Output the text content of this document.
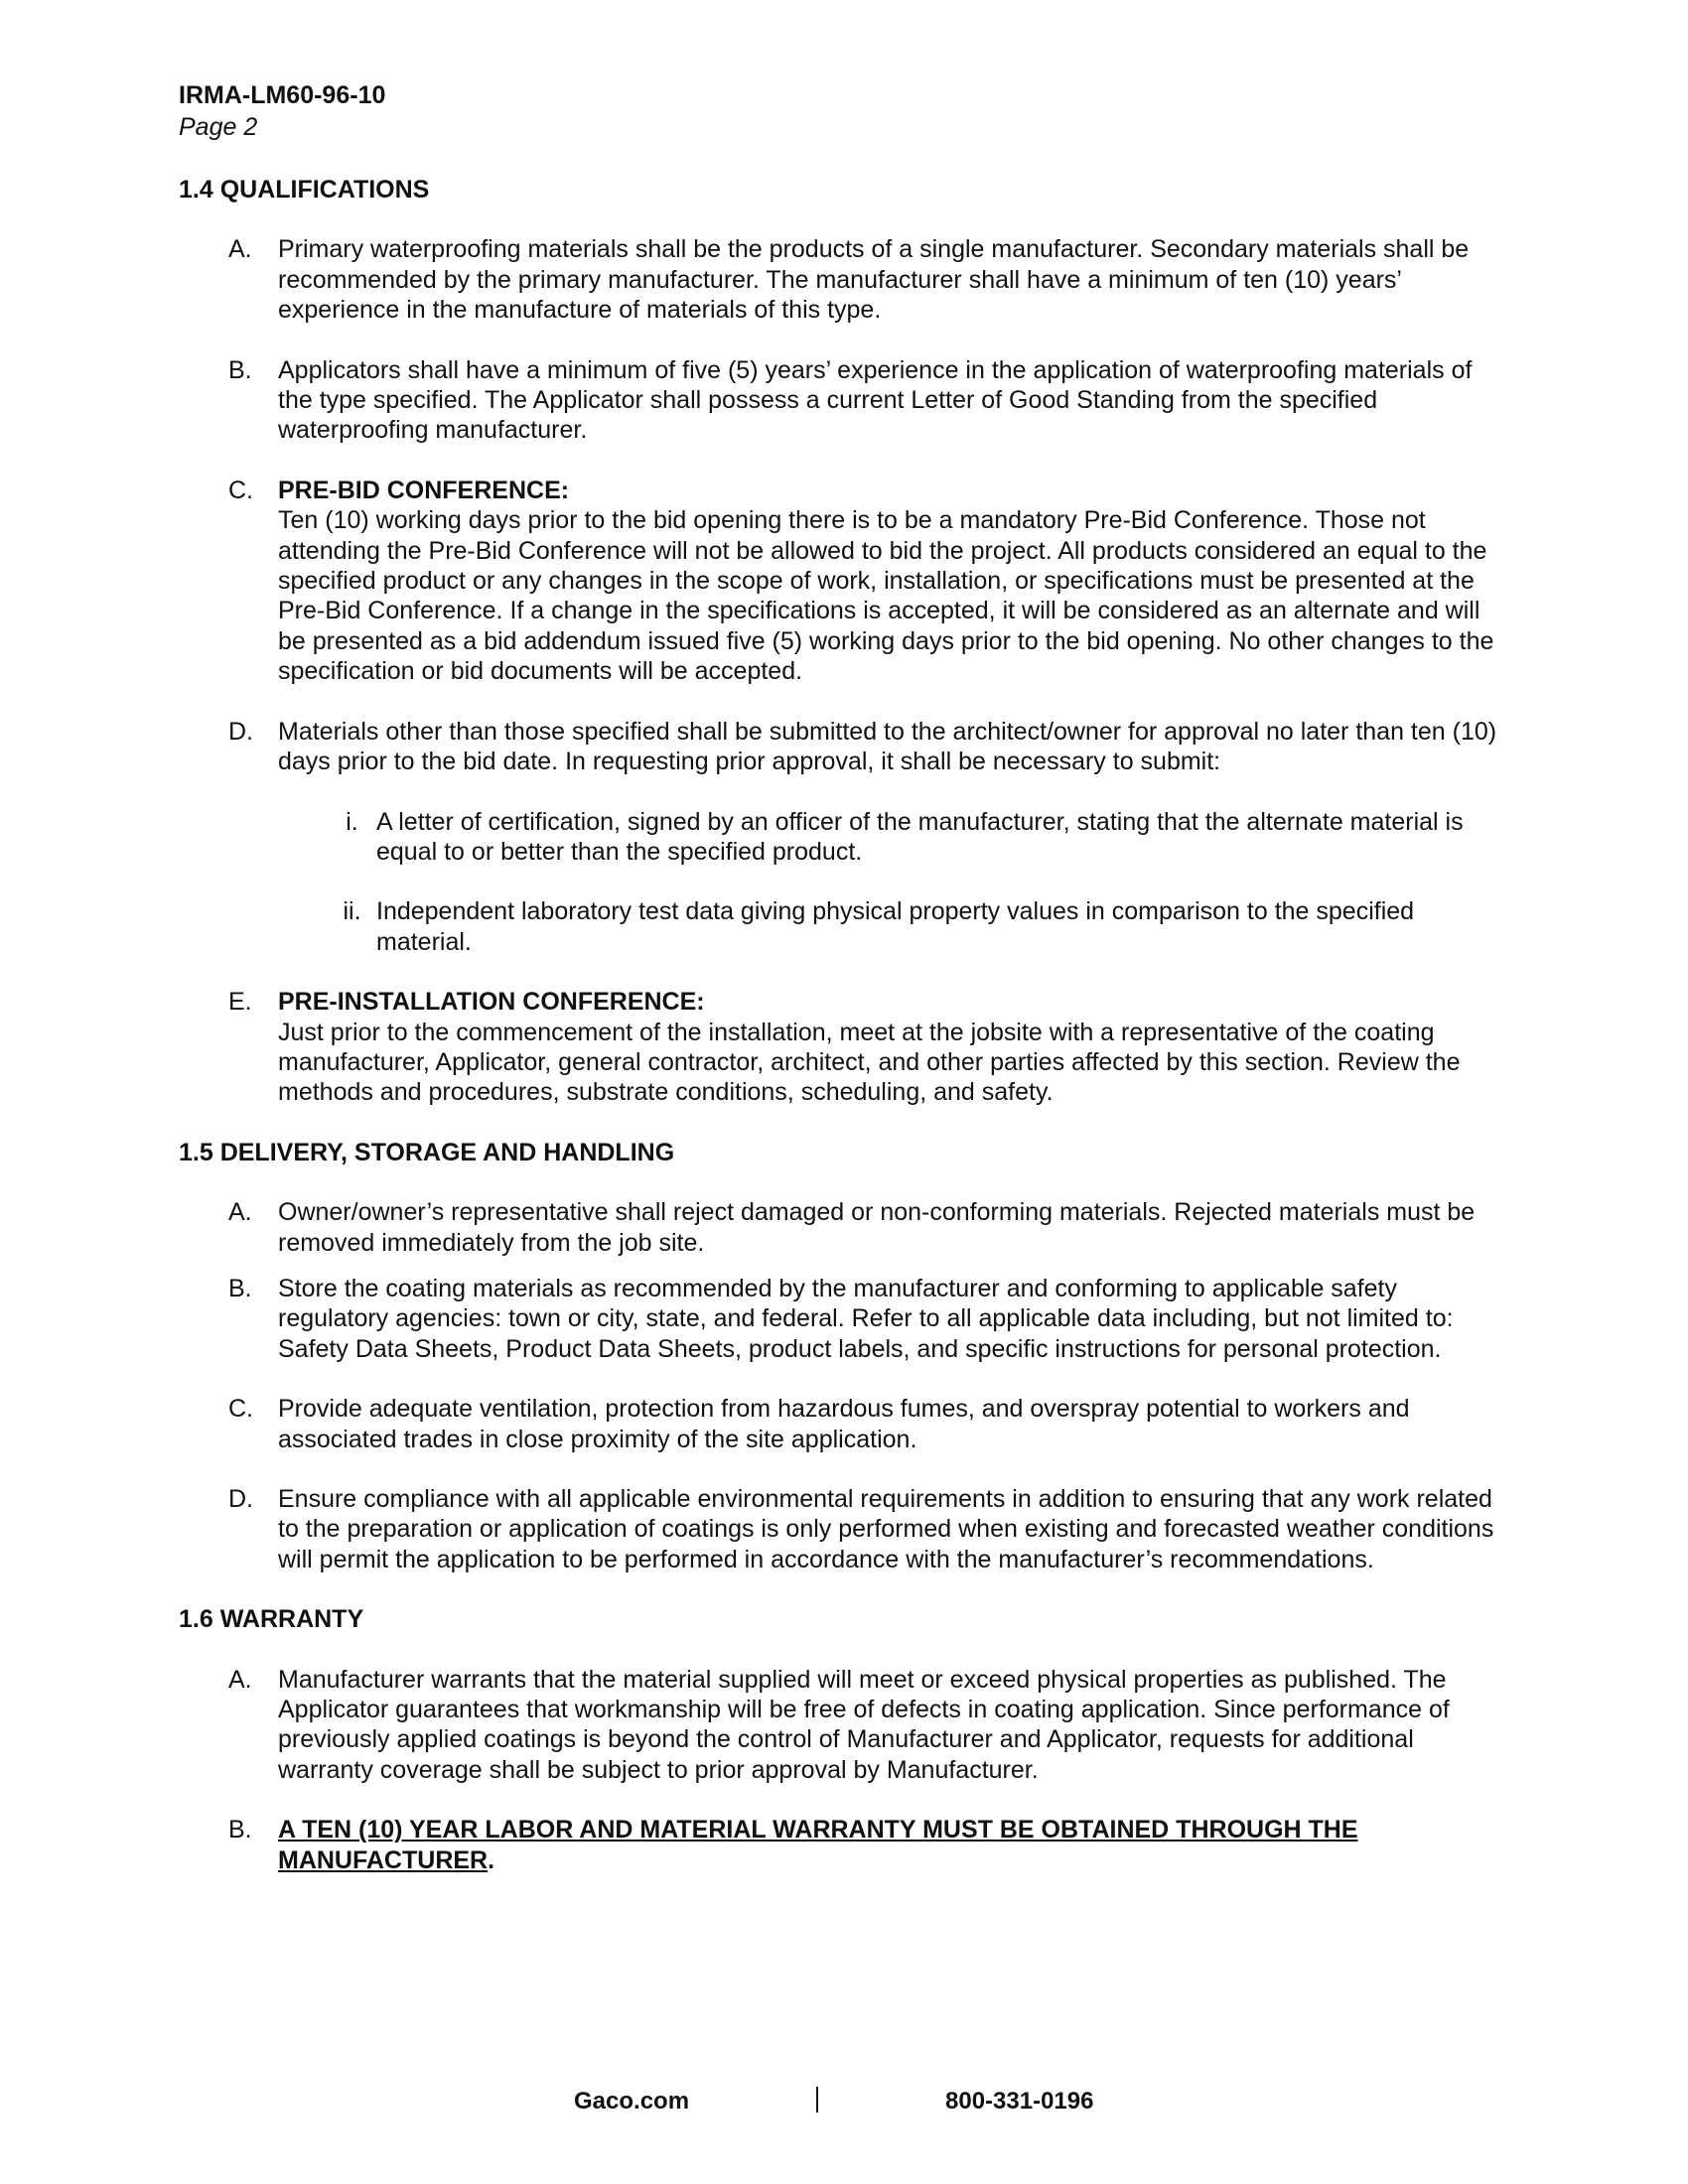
IRMA-LM60-96-10
Page 2

1.4 QUALIFICATIONS

A.	Primary waterproofing materials shall be the products of a single manufacturer. Secondary materials shall be recommended by the primary manufacturer. The manufacturer shall have a minimum of ten (10) years’ experience in the manufacture of materials of this type.
B.	Applicators shall have a minimum of five (5) years’ experience in the application of waterproofing materials of the type specified. The Applicator shall possess a current Letter of Good Standing from the specified waterproofing manufacturer.
C.	PRE-BID CONFERENCE:
Ten (10) working days prior to the bid opening there is to be a mandatory Pre-Bid Conference. Those not attending the Pre-Bid Conference will not be allowed to bid the project. All products considered an equal to the specified product or any changes in the scope of work, installation, or specifications must be presented at the Pre-Bid Conference. If a change in the specifications is accepted, it will be considered as an alternate and will be presented as a bid addendum issued five (5) working days prior to the bid opening. No other changes to the specification or bid documents will be accepted.
D.	Materials other than those specified shall be submitted to the architect/owner for approval no later than ten (10) days prior to the bid date. In requesting prior approval, it shall be necessary to submit:
i. A letter of certification, signed by an officer of the manufacturer, stating that the alternate material is equal to or better than the specified product.
ii. Independent laboratory test data giving physical property values in comparison to the specified material.
E.	PRE-INSTALLATION CONFERENCE:
Just prior to the commencement of the installation, meet at the jobsite with a representative of the coating manufacturer, Applicator, general contractor, architect, and other parties affected by this section. Review the methods and procedures, substrate conditions, scheduling, and safety.

1.5 DELIVERY, STORAGE AND HANDLING

A.	Owner/owner’s representative shall reject damaged or non-conforming materials. Rejected materials must be removed immediately from the job site.
B.	Store the coating materials as recommended by the manufacturer and conforming to applicable safety regulatory agencies: town or city, state, and federal. Refer to all applicable data including, but not limited to: Safety Data Sheets, Product Data Sheets, product labels, and specific instructions for personal protection.
C.	Provide adequate ventilation, protection from hazardous fumes, and overspray potential to workers and associated trades in close proximity of the site application.
D.	Ensure compliance with all applicable environmental requirements in addition to ensuring that any work related to the preparation or application of coatings is only performed when existing and forecasted weather conditions will permit the application to be performed in accordance with the manufacturer’s recommendations.

1.6 WARRANTY

A.	Manufacturer warrants that the material supplied will meet or exceed physical properties as published. The Applicator guarantees that workmanship will be free of defects in coating application. Since performance of previously applied coatings is beyond the control of Manufacturer and Applicator, requests for additional warranty coverage shall be subject to prior approval by Manufacturer.
B.	A TEN (10) YEAR LABOR AND MATERIAL WARRANTY MUST BE OBTAINED THROUGH THE MANUFACTURER.
Gaco.com	800-331-0196
